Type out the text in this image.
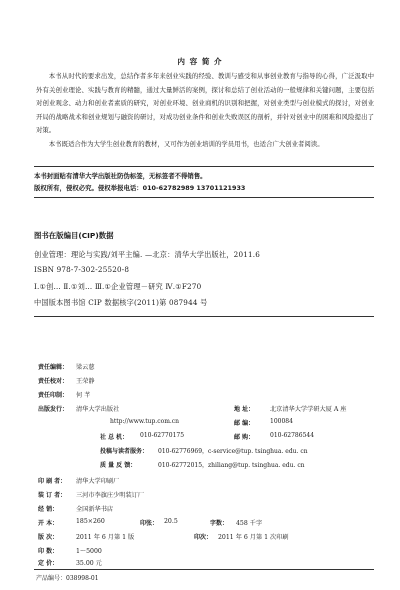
内 容 简 介

本书从时代的要求出发，总结作者多年来创业实践的经验、教训与感受和从事创业教育与指导的心得，广泛汲取中外有关创业理论、实践与教育的精髓，通过大量鲜活的案例，探讨和总结了创业活动的一般规律和关键问题，主要包括对创业观念、动力和创业者素质的研究，对创业环境、创业商机的识别和把握，对创业类型与创业模式的探讨，对创业开局的战略战术和创业规划与融资的研讨，对成功创业条件和创业失败误区的剖析，并针对创业中的困难和风险提出了对策。

本书既适合作为大学生创业教育的教材，又可作为创业培训的学员用书，也适合广大创业者阅读。

本书封面贴有清华大学出版社防伪标签，无标签者不得销售。
版权所有，侵权必究。侵权举报电话：010-62782989 13701121933
图书在版编目(CIP)数据
创业管理：理论与实践/刘平主编. —北京：清华大学出版社，2011.6
ISBN 978-7-302-25520-8
Ⅰ.①创… Ⅱ.①刘… Ⅲ.①企业管理－研究 Ⅳ.①F270
中国版本图书馆 CIP 数据核字(2011)第 087944 号
责任编辑： 梁云慈
责任校对： 王荣静
责任印制： 何 芊
出版发行： 清华大学出版社	地 址：	北京清华大学学研大厦 A 座
http://www.tup.com.cn	邮 编：	100084
社 总 机： 010-62770175	邮 购：	010-62786544
投稿与读者服务： 010-62776969，c-service@tup. tsinghua. edu. cn
质 量 反 馈：	010-62772015，zhiliang@tup. tsinghua. edu. cn
印 刷 者： 清华大学印刷厂
装 订 者： 三河市李旗庄少明装订厂
经 销：	全国新华书店
开 本：	185×260	印张： 20.5	字数： 458 千字
版 次：	2011 年 6 月第 1 版	印次： 2011 年 6 月第 1 次印刷
印 数：	1～5000
定 价：	35.00 元
产品编号：038998-01
